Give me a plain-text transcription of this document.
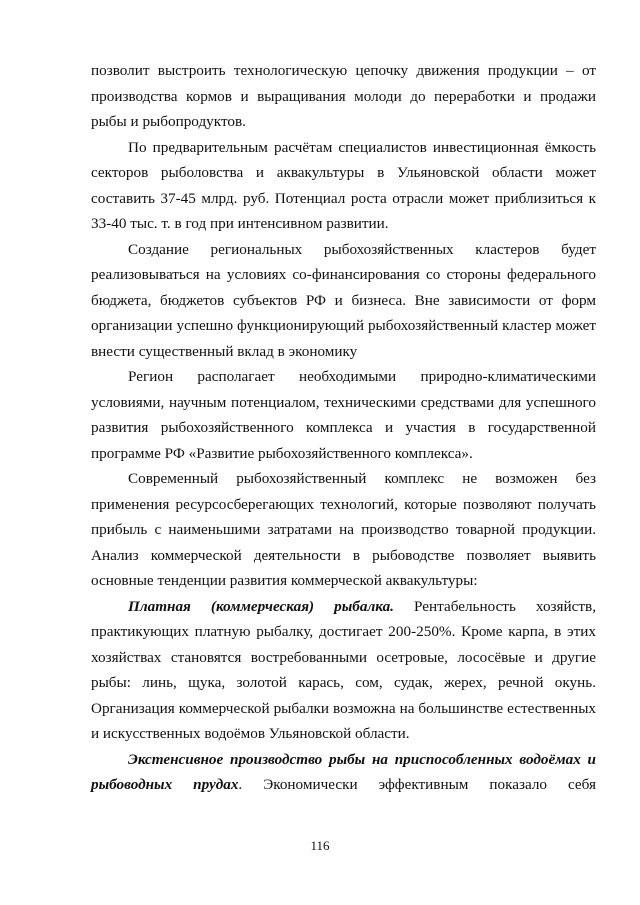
позволит выстроить технологическую цепочку движения продукции – от
производства кормов и выращивания молоди до переработки и продажи
рыбы и рыбопродуктов.
По предварительным расчётам специалистов инвестиционная ёмкость
секторов рыболовства и аквакультуры в Ульяновской области может
составить 37-45 млрд. руб. Потенциал роста отрасли может приблизиться к
33-40 тыс. т. в год при интенсивном развитии.
Создание региональных рыбохозяйственных кластеров будет
реализовываться на условиях со-финансирования со стороны федерального
бюджета, бюджетов субъектов РФ и бизнеса. Вне зависимости от форм
организации успешно функционирующий рыбохозяйственный кластер может
внести существенный вклад в экономику
Регион располагает необходимыми природно-климатическими
условиями, научным потенциалом, техническими средствами для успешного
развития рыбохозяйственного комплекса и участия в государственной
программе РФ «Развитие рыбохозяйственного комплекса».
Современный рыбохозяйственный комплекс не возможен без
применения ресурсосберегающих технологий, которые позволяют получать
прибыль с наименьшими затратами на производство товарной продукции.
Анализ коммерческой деятельности в рыбоводстве позволяет выявить
основные тенденции развития коммерческой аквакультуры:
Платная (коммерческая) рыбалка. Рентабельность хозяйств,
практикующих платную рыбалку, достигает 200-250%. Кроме карпа, в этих
хозяйствах становятся востребованными осетровые, лососёвые и другие
рыбы: линь, щука, золотой карась, сом, судак, жерех, речной окунь.
Организация коммерческой рыбалки возможна на большинстве естественных
и искусственных водоёмов Ульяновской области.
Экстенсивное производство рыбы на приспособленных водоёмах и
рыбоводных прудах. Экономически эффективным показало себя
116
